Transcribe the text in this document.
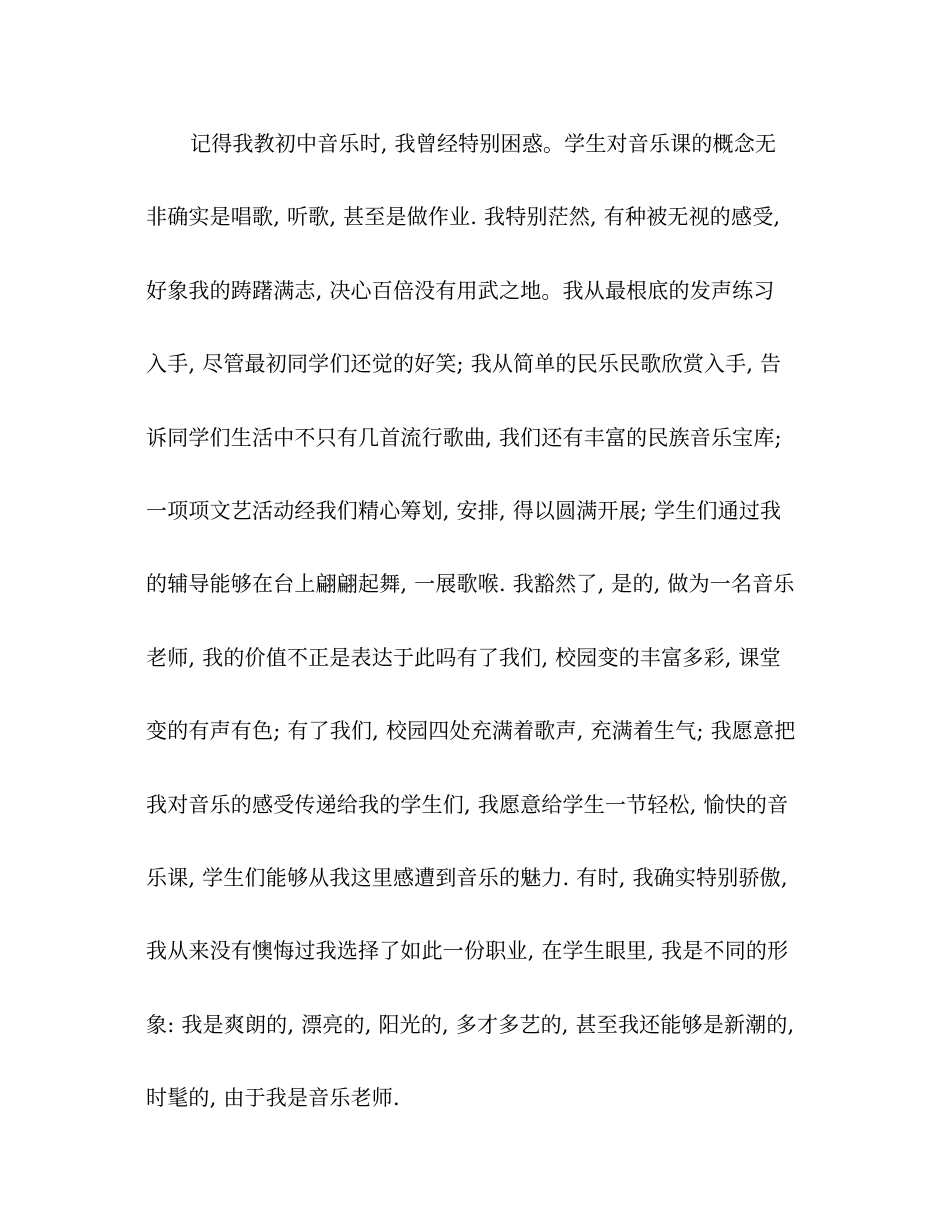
记得我教初中音乐时, 我曾经特别困惑。学生对音乐课的概念无
非确实是唱歌, 听歌, 甚至是做作业. 我特别茫然, 有种被无视的感受,
好象我的踌躇满志, 决心百倍没有用武之地。我从最根底的发声练习
入手, 尽管最初同学们还觉的好笑; 我从简单的民乐民歌欣赏入手, 告
诉同学们生活中不只有几首流行歌曲, 我们还有丰富的民族音乐宝库;
一项项文艺活动经我们精心筹划, 安排, 得以圆满开展; 学生们通过我
的辅导能够在台上翩翩起舞, 一展歌喉. 我豁然了, 是的, 做为一名音乐
老师, 我的价值不正是表达于此吗有了我们, 校园变的丰富多彩, 课堂
变的有声有色; 有了我们, 校园四处充满着歌声, 充满着生气; 我愿意把
我对音乐的感受传递给我的学生们, 我愿意给学生一节轻松, 愉快的音
乐课, 学生们能够从我这里感遭到音乐的魅力. 有时, 我确实特别骄傲,
我从来没有懊悔过我选择了如此一份职业, 在学生眼里, 我是不同的形
象: 我是爽朗的, 漂亮的, 阳光的, 多才多艺的, 甚至我还能够是新潮的,
时髦的, 由于我是音乐老师.
